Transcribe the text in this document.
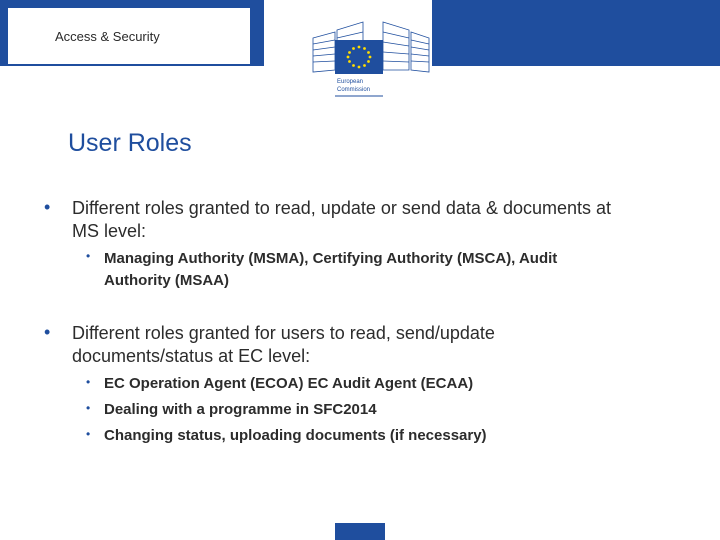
Access & Security
European
Commission
User Roles
• Different roles granted to read, update or send data & documents at
MS level:
• Managing Authority (MSMA), Certifying Authority (MSCA), Audit
Authority (MSAA)
• Different roles granted for users to read, send/update
documents/status at EC level:
• EC Operation Agent (ECOA) EC Audit Agent (ECAA)
• Dealing with a programme in SFC2014
• Changing status, uploading documents (if necessary)
